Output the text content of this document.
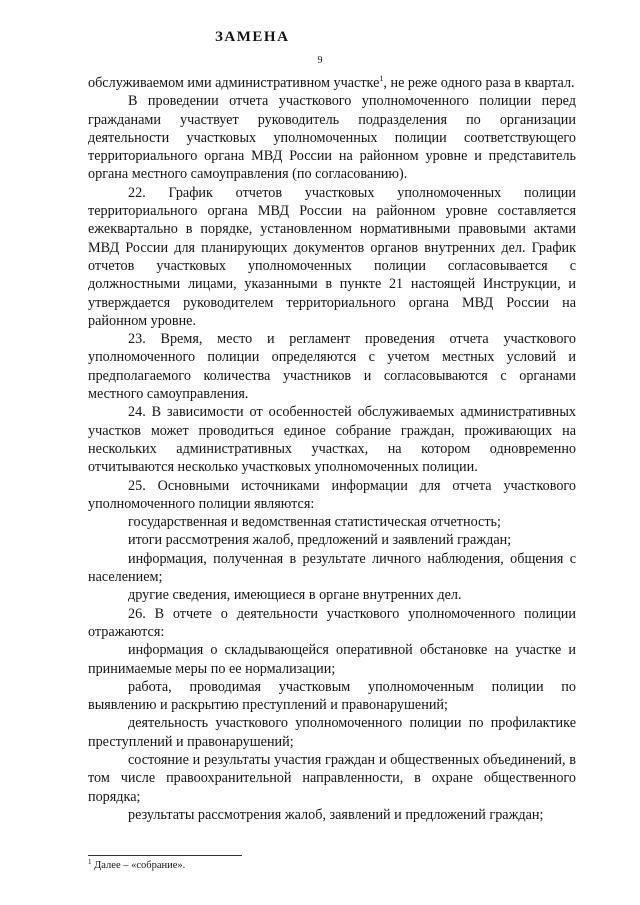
ЗАМЕНА
9

обслуживаемом ими административном участке$^1$, не реже одного раза в квартал.

В проведении отчета участкового уполномоченного полиции перед гражданами участвует руководитель подразделения по организации деятельности участковых уполномоченных полиции соответствующего территориального органа МВД России на районном уровне и представитель органа местного самоуправления (по согласованию).

22. График отчетов участковых уполномоченных полиции территориального органа МВД России на районном уровне составляется ежеквартально в порядке, установленном нормативными правовыми актами МВД России для планирующих документов органов внутренних дел. График отчетов участковых уполномоченных полиции согласовывается с должностными лицами, указанными в пункте 21 настоящей Инструкции, и утверждается руководителем территориального органа МВД России на районном уровне.

23. Время, место и регламент проведения отчета участкового уполномоченного полиции определяются с учетом местных условий и предполагаемого количества участников и согласовываются с органами местного самоуправления.

24. В зависимости от особенностей обслуживаемых административных участков может проводиться единое собрание граждан, проживающих на нескольких административных участках, на котором одновременно отчитываются несколько участковых уполномоченных полиции.

25. Основными источниками информации для отчета участкового уполномоченного полиции являются:

государственная и ведомственная статистическая отчетность;

итоги рассмотрения жалоб, предложений и заявлений граждан;

информация, полученная в результате личного наблюдения, общения с населением;

другие сведения, имеющиеся в органе внутренних дел.

26. В отчете о деятельности участкового уполномоченного полиции отражаются:

информация о складывающейся оперативной обстановке на участке и принимаемые меры по ее нормализации;

работа, проводимая участковым уполномоченным полиции по выявлению и раскрытию преступлений и правонарушений;

деятельность участкового уполномоченного полиции по профилактике преступлений и правонарушений;

состояние и результаты участия граждан и общественных объединений, в том числе правоохранительной направленности, в охране общественного порядка;

результаты рассмотрения жалоб, заявлений и предложений граждан;

$^1$ Далее – «собрание».
